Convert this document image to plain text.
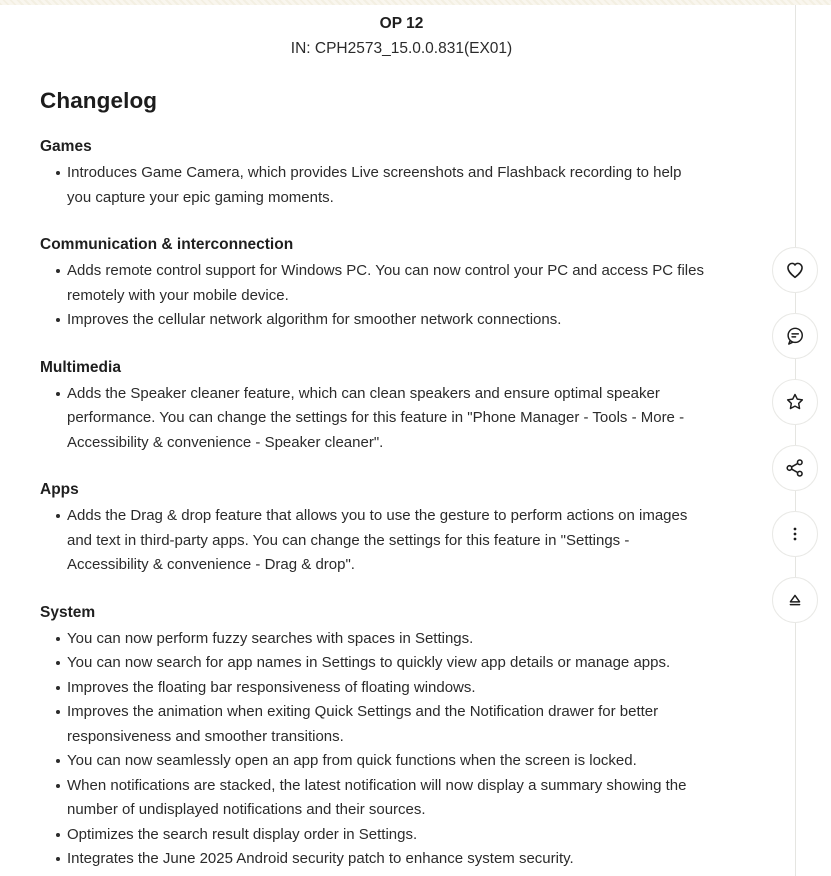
OP 12
IN: CPH2573_15.0.0.831(EX01)
Changelog
Games
Introduces Game Camera, which provides Live screenshots and Flashback recording to help
you capture your epic gaming moments.
Communication & interconnection
Adds remote control support for Windows PC. You can now control your PC and access PC files
remotely with your mobile device.
Improves the cellular network algorithm for smoother network connections.
Multimedia
Adds the Speaker cleaner feature, which can clean speakers and ensure optimal speaker
performance. You can change the settings for this feature in "Phone Manager - Tools - More -
Accessibility & convenience - Speaker cleaner".
Apps
Adds the Drag & drop feature that allows you to use the gesture to perform actions on images
and text in third-party apps. You can change the settings for this feature in "Settings -
Accessibility & convenience - Drag & drop".
System
You can now perform fuzzy searches with spaces in Settings.
You can now search for app names in Settings to quickly view app details or manage apps.
Improves the floating bar responsiveness of floating windows.
Improves the animation when exiting Quick Settings and the Notification drawer for better
responsiveness and smoother transitions.
You can now seamlessly open an app from quick functions when the screen is locked.
When notifications are stacked, the latest notification will now display a summary showing the
number of undisplayed notifications and their sources.
Optimizes the search result display order in Settings.
Integrates the June 2025 Android security patch to enhance system security.
